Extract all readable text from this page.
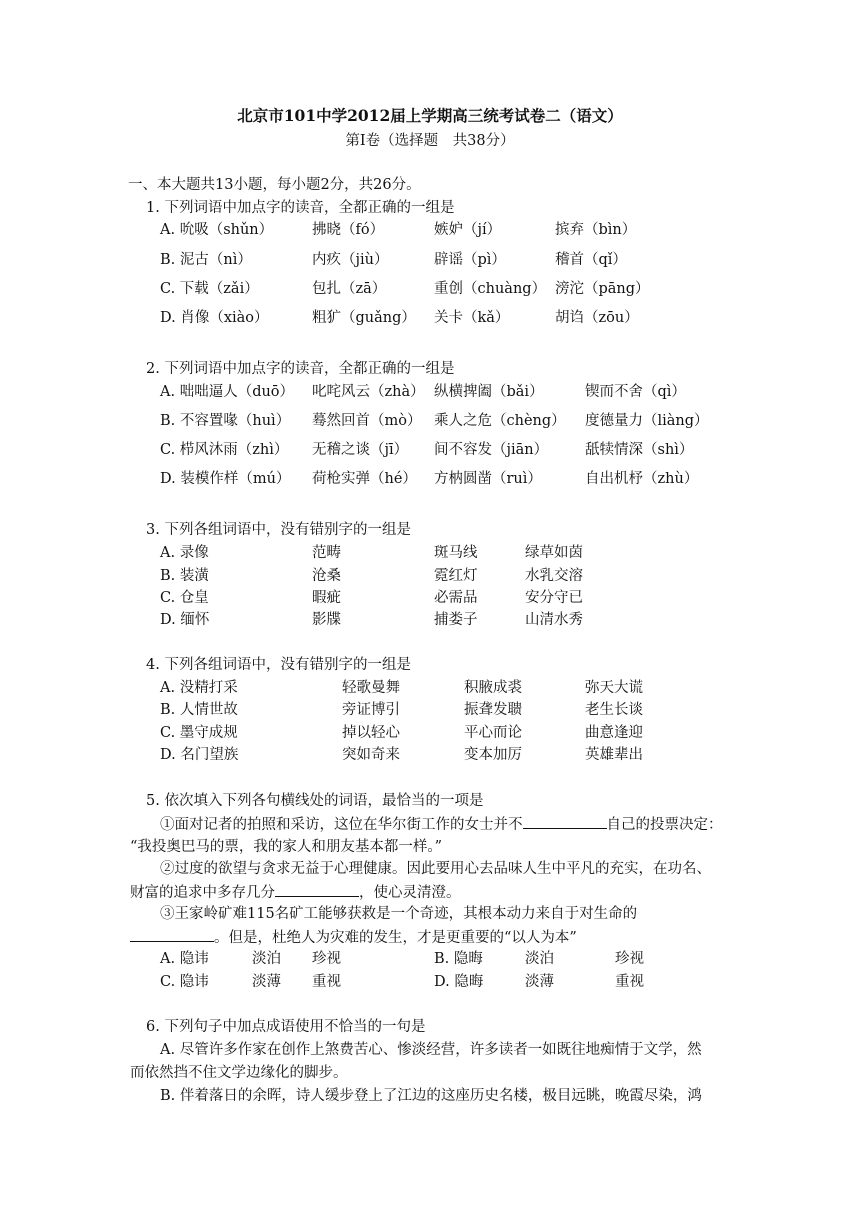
北京市101中学2012届上学期高三统考试卷二（语文）
第Ⅰ卷（选择题　共38分）
一、本大题共13小题，每小题2分，共26分。
1. 下列词语中加点字的读音，全都正确的一组是
A. 吮吸（shǔn）	拂晓（fó）	嫉妒（jí）	摈弃（bìn）
B. 泥古（nì）	内疚（jiù）	辟谣（pì）	稽首（qǐ）
C. 下载（zǎi）	包扎（zā）	重创（chuàng） 滂沱（pāng）
D. 肖像（xiào）	粗犷（guǎng） 关卡（kǎ）	胡诌（zōu）
2. 下列词语中加点字的读音，全都正确的一组是
A. 咄咄逼人（duō） 叱咤风云（zhà） 纵横捭阖（bǎi）	锲而不舍（qì）
B. 不容置喙（huì） 蓦然回首（mò） 乘人之危（chèng） 度德量力（liàng）
C. 栉风沐雨（zhì） 无稽之谈（jī） 间不容发（jiān）	舐犊情深（shì）
D. 装模作样（mú） 荷枪实弹（hé） 方枘圆凿（ruì）	自出机杼（zhù）
3. 下列各组词语中，没有错别字的一组是
A. 录像	范畴	斑马线	绿草如茵
B. 装潢	沧桑	霓红灯	水乳交溶
C. 仓皇	暇疵	必需品	安分守已
D. 缅怀	影牒	捕娄子	山清水秀
4. 下列各组词语中，没有错别字的一组是
A. 没精打采	轻歌曼舞	积腋成裘	弥天大谎
B. 人情世故	旁证博引	振聋发聩	老生长谈
C. 墨守成规	掉以轻心	平心而论	曲意逢迎
D. 名门望族	突如奇来	变本加厉	英雄辈出
5. 依次填入下列各句横线处的词语，最恰当的一项是
①面对记者的拍照和采访，这位在华尔街工作的女士并不	自己的投票决定：
“我投奥巴马的票，我的家人和朋友基本都一样。”
②过度的欲望与贪求无益于心理健康。因此要用心去品味人生中平凡的充实，在功名、
财富的追求中多存几分	，使心灵清澄。
③王家岭矿难115名矿工能够获救是一个奇迹，其根本动力来自于对生命的
。但是，杜绝人为灾难的发生，才是更重要的“以人为本”
A. 隐讳	淡泊 珍视	B. 隐晦	淡泊	珍视
C. 隐讳	淡薄 重视	D. 隐晦	淡薄	重视
6. 下列句子中加点成语使用不恰当的一句是
A. 尽管许多作家在创作上煞费苦心、惨淡经营，许多读者一如既往地痴情于文学，然
而依然挡不住文学边缘化的脚步。
B. 伴着落日的余晖，诗人缓步登上了江边的这座历史名楼，极目远眺，晚霞尽染，鸿
